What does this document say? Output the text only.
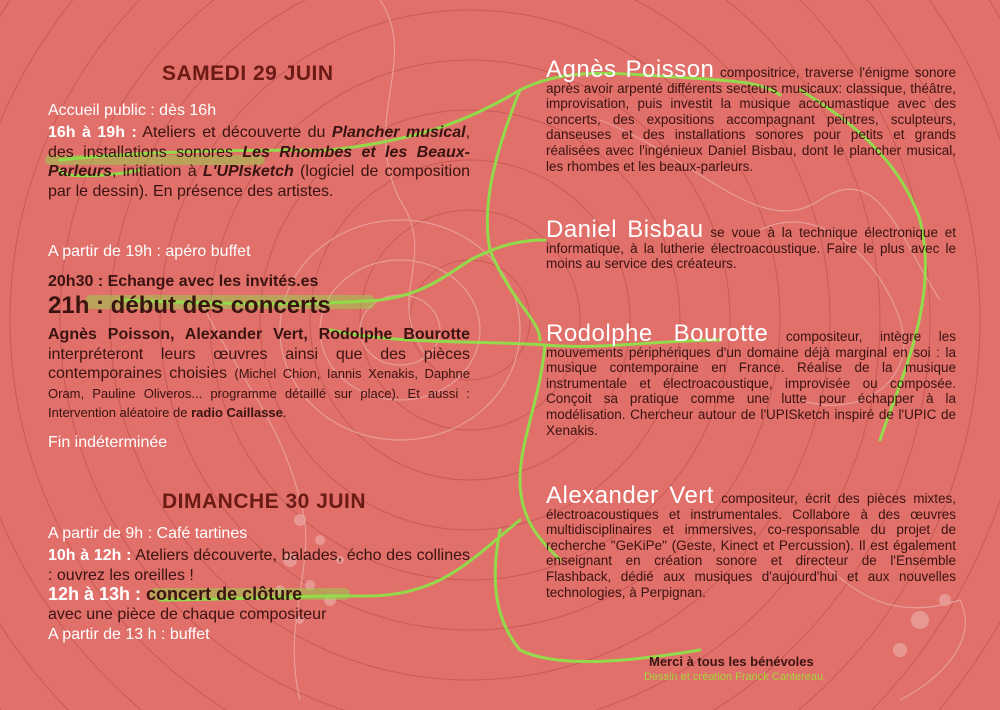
SAMEDI 29 JUIN
Accueil public : dès 16h
16h à 19h : Ateliers et découverte du Plancher musical, des installations sonores Les Rhombes et les Beaux-Parleurs, initiation à L'UPIsketch (logiciel de composition par le dessin). En présence des artistes.
A partir de 19h : apéro buffet
20h30 : Echange avec les invités.es
21h : début des concerts
Agnès Poisson, Alexander Vert, Rodolphe Bourotte interpréteront leurs œuvres ainsi que des pièces contemporaines choisies (Michel Chion, Iannis Xenakis, Daphne Oram, Pauline Oliveros... programme détaillé sur place). Et aussi : Intervention aléatoire de radio Caillasse.
Fin indéterminée
DIMANCHE 30 JUIN
A partir de 9h : Café tartines
10h à 12h : Ateliers découverte, balades, écho des collines : ouvrez les oreilles !
12h à 13h : concert de clôture
avec une pièce de chaque compositeur
A partir de 13 h : buffet
Agnès Poisson compositrice, traverse l'énigme sonore après avoir arpenté différents secteurs musicaux: classique, théâtre, improvisation, puis investit la musique accoumastique avec des concerts, des expositions accompagnant peintres, sculpteurs, danseuses et des installations sonores pour petits et grands réalisées avec l'ingénieux Daniel Bisbau, dont le plancher musical, les rhombes et les beaux-parleurs.
Daniel Bisbau se voue à la technique électronique et informatique, à la lutherie électroacoustique. Faire le plus avec le moins au service des créateurs.
Rodolphe Bourotte compositeur, intègre les mouvements périphériques d'un domaine déjà marginal en soi : la musique contemporaine en France. Réalise de la musique instrumentale et électroacoustique, improvisée ou composée. Conçoit sa pratique comme une lutte pour échapper à la modélisation. Chercheur autour de l'UPISketch inspiré de l'UPIC de Xenakis.
Alexander Vert compositeur, écrit des pièces mixtes, électroacoustiques et instrumentales. Collabore à des œuvres multidisciplinaires et immersives, co-responsable du projet de recherche "GeKiPe" (Geste, Kinect et Percussion). Il est également enseignant en création sonore et directeur de l'Ensemble Flashback, dédié aux musiques d'aujourd'hui et aux nouvelles technologies, à Perpignan.
Merci à tous les bénévoles
Dessin et création Franck Cantereau
